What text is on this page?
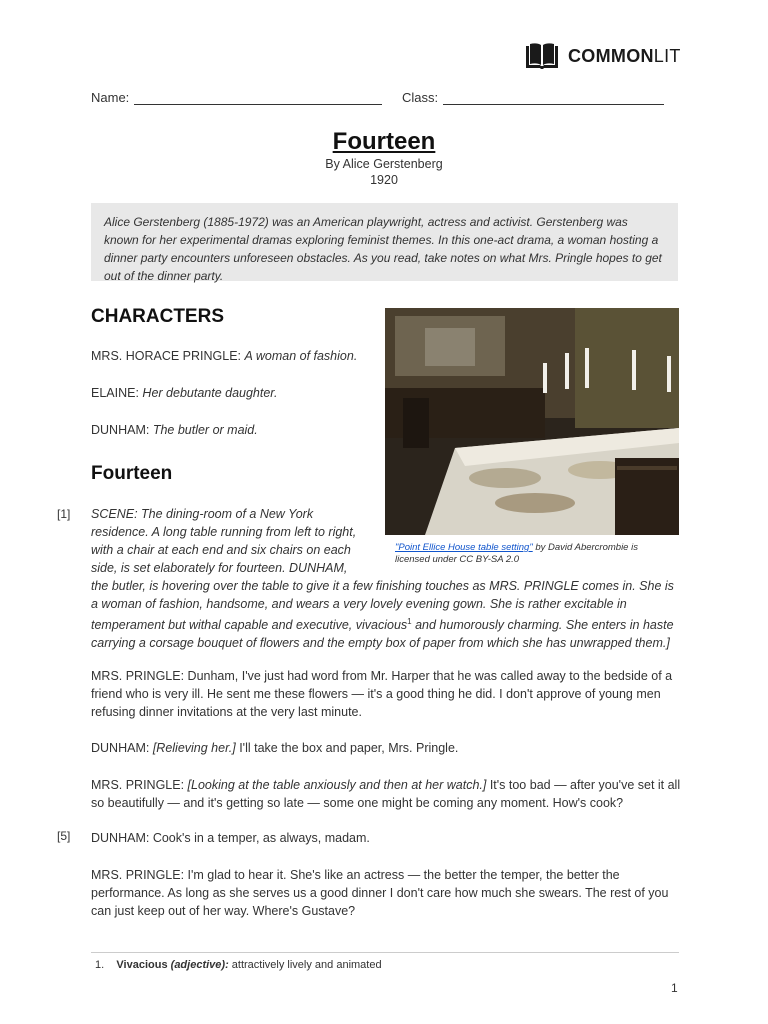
COMMONLIT
Name:	Class:
Fourteen
By Alice Gerstenberg
1920
Alice Gerstenberg (1885-1972) was an American playwright, actress and activist. Gerstenberg was known for her experimental dramas exploring feminist themes. In this one-act drama, a woman hosting a dinner party encounters unforeseen obstacles. As you read, take notes on what Mrs. Pringle hopes to get out of the dinner party.
CHARACTERS
MRS. HORACE PRINGLE: A woman of fashion.
ELAINE: Her debutante daughter.
DUNHAM: The butler or maid.
"Point Ellice House table setting" by David Abercrombie is licensed under CC BY-SA 2.0
Fourteen
[1]
[5]
SCENE: The dining-room of a New York residence. A long table running from left to right, with a chair at each end and six chairs on each side, is set elaborately for fourteen. DUNHAM, the butler, is hovering over the table to give it a few finishing touches as MRS. PRINGLE comes in. She is a woman of fashion, handsome, and wears a very lovely evening gown. She is rather excitable in temperament but withal capable and executive, vivacious$^1$ and humorously charming. She enters in haste carrying a corsage bouquet of flowers and the empty box of paper from which she has unwrapped them.]

MRS. PRINGLE: Dunham, I've just had word from Mr. Harper that he was called away to the bedside of a friend who is very ill. He sent me these flowers — it's a good thing he did. I don't approve of young men refusing dinner invitations at the very last minute.

DUNHAM: [Relieving her.] I'll take the box and paper, Mrs. Pringle.

MRS. PRINGLE: [Looking at the table anxiously and then at her watch.] It's too bad — after you've set it all so beautifully — and it's getting so late — some one might be coming any moment. How's cook?

DUNHAM: Cook's in a temper, as always, madam.

MRS. PRINGLE: I'm glad to hear it. She's like an actress — the better the temper, the better the performance. As long as she serves us a good dinner I don't care how much she swears. The rest of you can just keep out of her way. Where's Gustave?

1. Vivacious (adjective): attractively lively and animated
1
